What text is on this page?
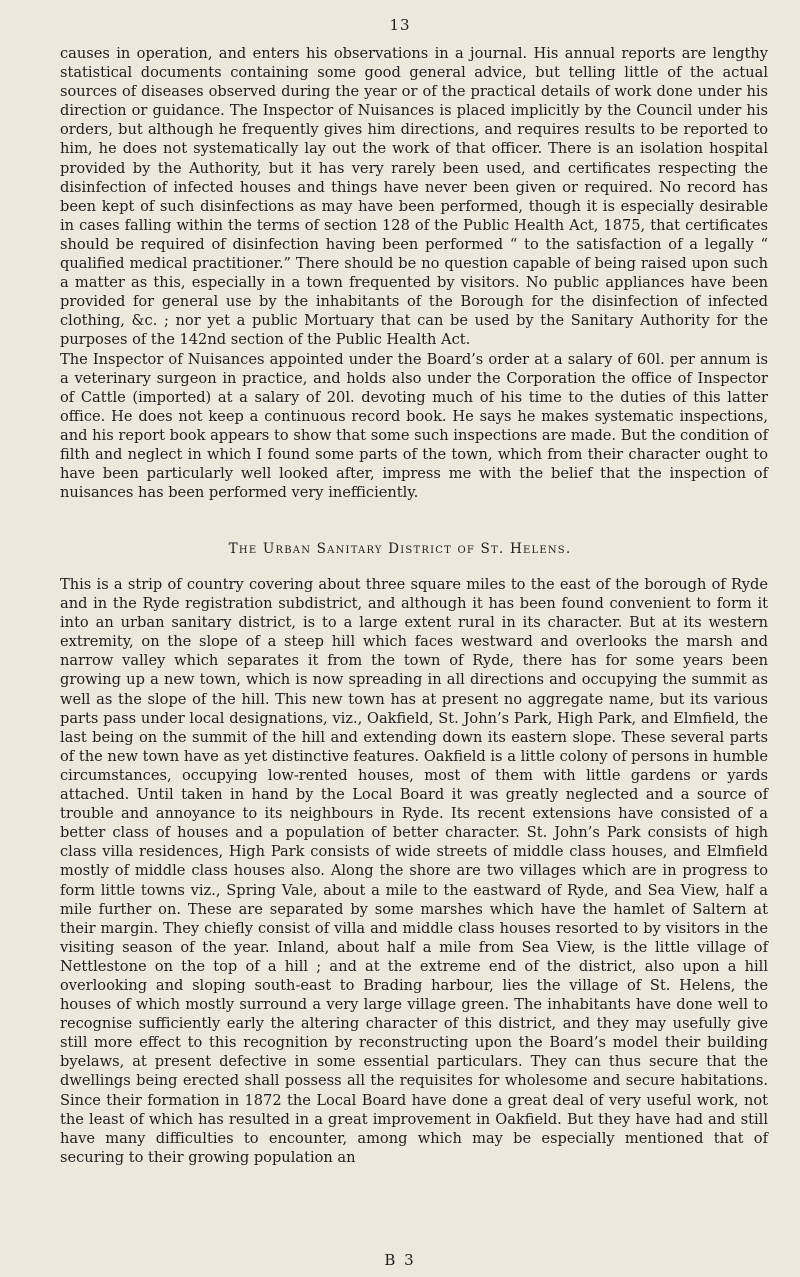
13

causes in operation, and enters his observations in a journal. His annual reports are lengthy statistical documents containing some good general advice, but telling little of the actual sources of diseases observed during the year or of the practical details of work done under his direction or guidance. The Inspector of Nuisances is placed implicitly by the Council under his orders, but although he frequently gives him directions, and requires results to be reported to him, he does not systematically lay out the work of that officer. There is an isolation hospital provided by the Authority, but it has very rarely been used, and certificates respecting the disinfection of infected houses and things have never been given or required. No record has been kept of such disinfections as may have been performed, though it is especially desirable in cases falling within the terms of section 128 of the Public Health Act, 1875, that certificates should be required of disinfection having been performed “ to the satisfaction of a legally “ qualified medical practitioner.” There should be no question capable of being raised upon such a matter as this, especially in a town frequented by visitors. No public appliances have been provided for general use by the inhabitants of the Borough for the disinfection of infected clothing, &c. ; nor yet a public Mortuary that can be used by the Sanitary Authority for the purposes of the 142nd section of the Public Health Act.

The Inspector of Nuisances appointed under the Board’s order at a salary of 60l. per annum is a veterinary surgeon in practice, and holds also under the Corporation the office of Inspector of Cattle (imported) at a salary of 20l. devoting much of his time to the duties of this latter office. He does not keep a continuous record book. He says he makes systematic inspections, and his report book appears to show that some such inspections are made. But the condition of filth and neglect in which I found some parts of the town, which from their character ought to have been particularly well looked after, impress me with the belief that the inspection of nuisances has been performed very inefficiently.

The Urban Sanitary District of St. Helens.

This is a strip of country covering about three square miles to the east of the borough of Ryde and in the Ryde registration subdistrict, and although it has been found convenient to form it into an urban sanitary district, is to a large extent rural in its character. But at its western extremity, on the slope of a steep hill which faces westward and overlooks the marsh and narrow valley which separates it from the town of Ryde, there has for some years been growing up a new town, which is now spreading in all directions and occupying the summit as well as the slope of the hill. This new town has at present no aggregate name, but its various parts pass under local designations, viz., Oakfield, St. John’s Park, High Park, and Elmfield, the last being on the summit of the hill and extending down its eastern slope. These several parts of the new town have as yet distinctive features. Oakfield is a little colony of persons in humble circumstances, occupying low-rented houses, most of them with little gardens or yards attached. Until taken in hand by the Local Board it was greatly neglected and a source of trouble and annoyance to its neighbours in Ryde. Its recent extensions have consisted of a better class of houses and a population of better character. St. John’s Park consists of high class villa residences, High Park consists of wide streets of middle class houses, and Elmfield mostly of middle class houses also. Along the shore are two villages which are in progress to form little towns viz., Spring Vale, about a mile to the eastward of Ryde, and Sea View, half a mile further on. These are separated by some marshes which have the hamlet of Saltern at their margin. They chiefly consist of villa and middle class houses resorted to by visitors in the visiting season of the year. Inland, about half a mile from Sea View, is the little village of Nettlestone on the top of a hill ; and at the extreme end of the district, also upon a hill overlooking and sloping south-east to Brading harbour, lies the village of St. Helens, the houses of which mostly surround a very large village green. The inhabitants have done well to recognise sufficiently early the altering character of this district, and they may usefully give still more effect to this recognition by reconstructing upon the Board’s model their building byelaws, at present defective in some essential particulars. They can thus secure that the dwellings being erected shall possess all the requisites for wholesome and secure habitations. Since their formation in 1872 the Local Board have done a great deal of very useful work, not the least of which has resulted in a great improvement in Oakfield. But they have had and still have many difficulties to encounter, among which may be especially mentioned that of securing to their growing population an

B 3
